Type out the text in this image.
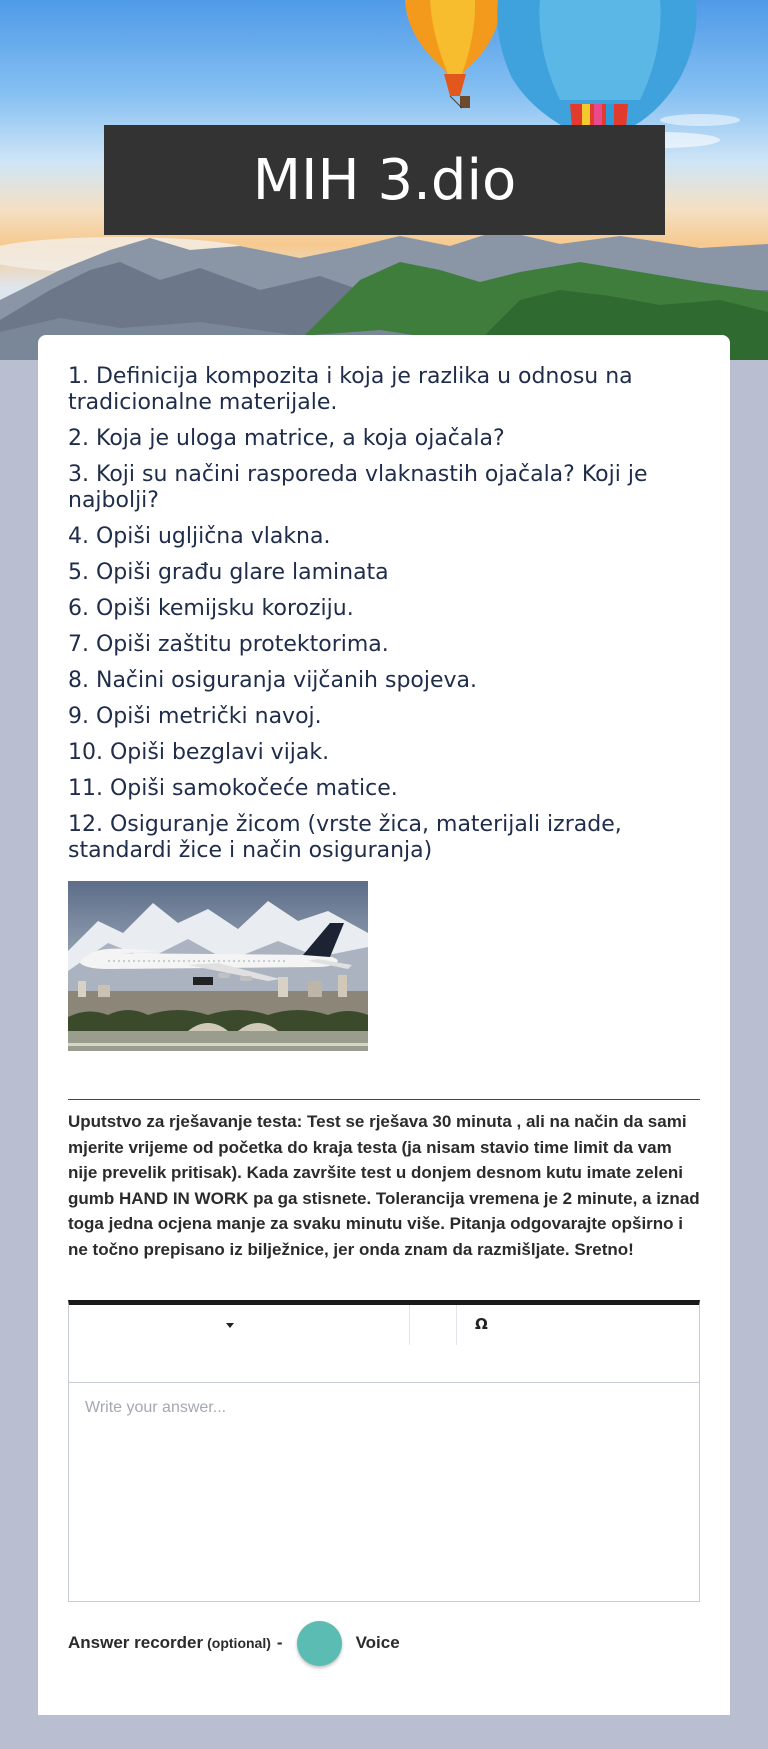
MIH 3.dio
1. Definicija kompozita i koja je razlika u odnosu na tradicionalne materijale.
2. Koja je uloga matrice, a koja ojačala?
3. Koji su načini rasporeda vlaknastih ojačala? Koji je najbolji?
4. Opiši ugljična vlakna.
5. Opiši građu glare laminata
6. Opiši kemijsku koroziju.
7. Opiši zaštitu protektorima.
8. Načini osiguranja vijčanih spojeva.
9. Opiši metrički navoj.
10. Opiši bezglavi vijak.
11. Opiši samokočeće matice.
12. Osiguranje žicom (vrste žica, materijali izrade, standardi žice i način osiguranja)
Uputstvo za rješavanje testa: Test se rješava 30 minuta , ali na način da sami mjerite vrijeme od početka do kraja testa (ja nisam stavio time limit da vam nije prevelik pritisak). Kada završite test u donjem desnom kutu imate zeleni gumb HAND IN WORK pa ga stisnete. Tolerancija vremena je 2 minute, a iznad toga jedna ocjena manje za svaku minutu više. Pitanja odgovarajte opširno i ne točno prepisano iz bilježnice, jer onda znam da razmišljate. Sretno!
Ω
Write your answer...
Answer recorder (optional) -	Voice
